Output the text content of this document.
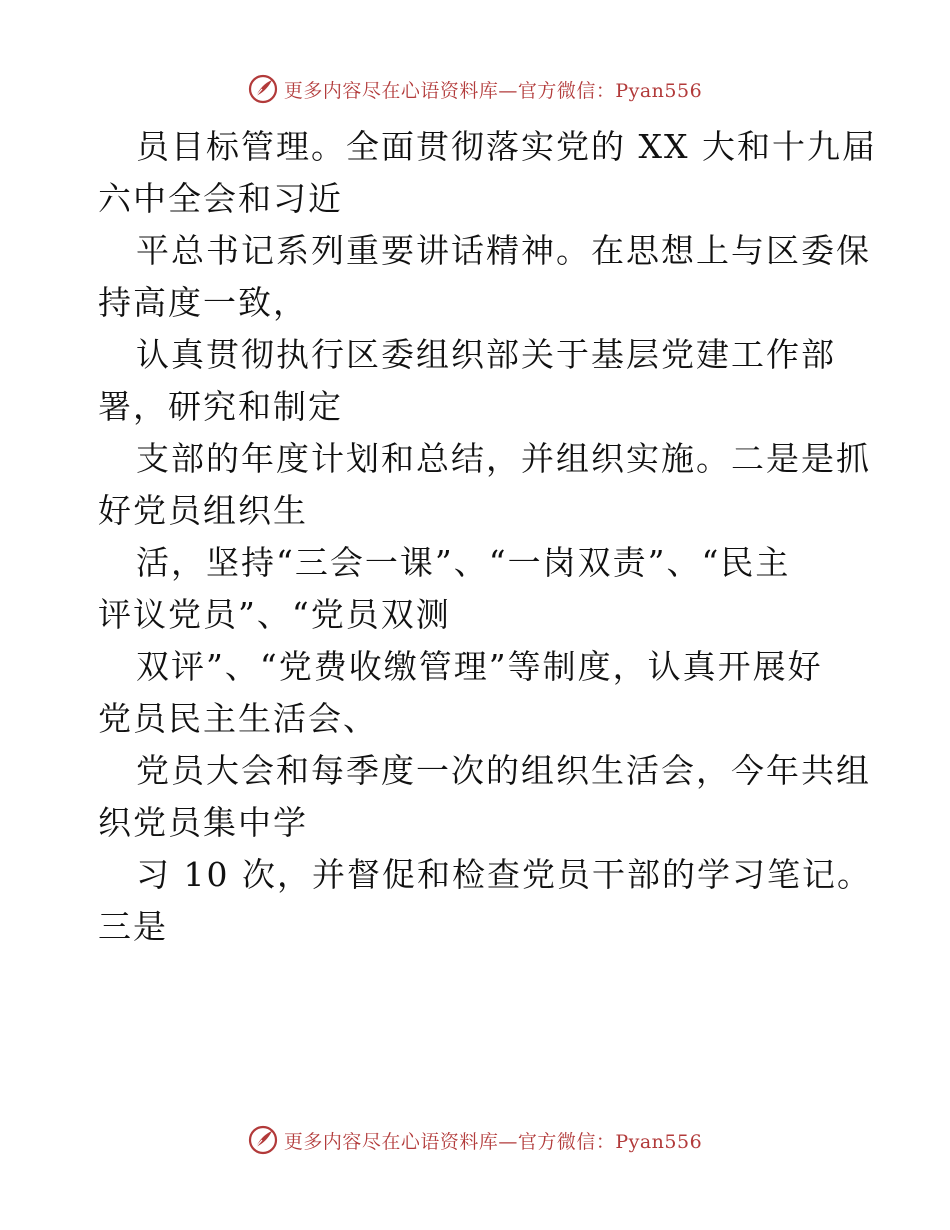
更多内容尽在心语资料库—官方微信：Pyan556
员目标管理。全面贯彻落实党的 XX 大和十九届
六中全会和习近
平总书记系列重要讲话精神。在思想上与区委保
持高度一致，
认真贯彻执行区委组织部关于基层党建工作部
署，研究和制定
支部的年度计划和总结，并组织实施。二是是抓
好党员组织生
活，坚持“三会一课”、“一岗双责”、“民主
评议党员”、“党员双测
双评”、“党费收缴管理”等制度，认真开展好
党员民主生活会、
党员大会和每季度一次的组织生活会，今年共组
织党员集中学
习 10 次，并督促和检查党员干部的学习笔记。
三是
更多内容尽在心语资料库—官方微信：Pyan556
